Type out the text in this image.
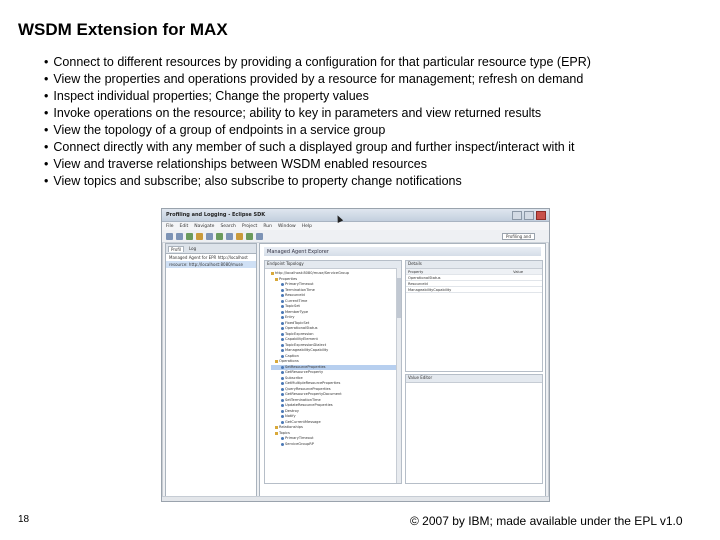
WSDM Extension for MAX
• Connect to different resources by providing a configuration for that particular resource type (EPR)
• View the properties and operations provided by a resource for management; refresh on demand
• Inspect individual properties; Change the property values
• Invoke operations on the resource; ability to key in parameters and view returned results
• View the topology of a group of endpoints in a service group
• Connect directly with any member of such a displayed group and further inspect/interact with it
• View and traverse relationships between WSDM enabled resources
• View topics and subscribe; also subscribe to property change notifications
Profiling and Logging - Eclipse SDK
File Edit Navigate Search Project Run Window Help
Profiling and
Profil	Log
Managed Agent for EPR http://localhost
resource: http://localhost:8080/muse
Managed Agent Explorer
Endpoint Topology
http://localhost:8080/muse/ServiceGroup
Properties
PrimaryTimeout
TerminationTime
ResourceId
CurrentTime
TopicSet
MemberType
Entry
FixedTopicSet
OperationalStatus
TopicExpression
CapabilityElement
TopicExpressionDialect
ManageabilityCapability
Caption
Operations
SetResourceProperties
GetResourceProperty
Subscribe
GetMultipleResourceProperties
QueryResourceProperties
GetResourcePropertyDocument
SetTerminationTime
UpdateResourceProperties
Destroy
Notify
GetCurrentMessage
Relationships
Topics
PrimaryTimeout
ServiceGroupRP
Details
Property	Value
OperationalStatus	
ResourceId	
ManageabilityCapability	
Value Editor
18	© 2007 by IBM; made available under the EPL v1.0
